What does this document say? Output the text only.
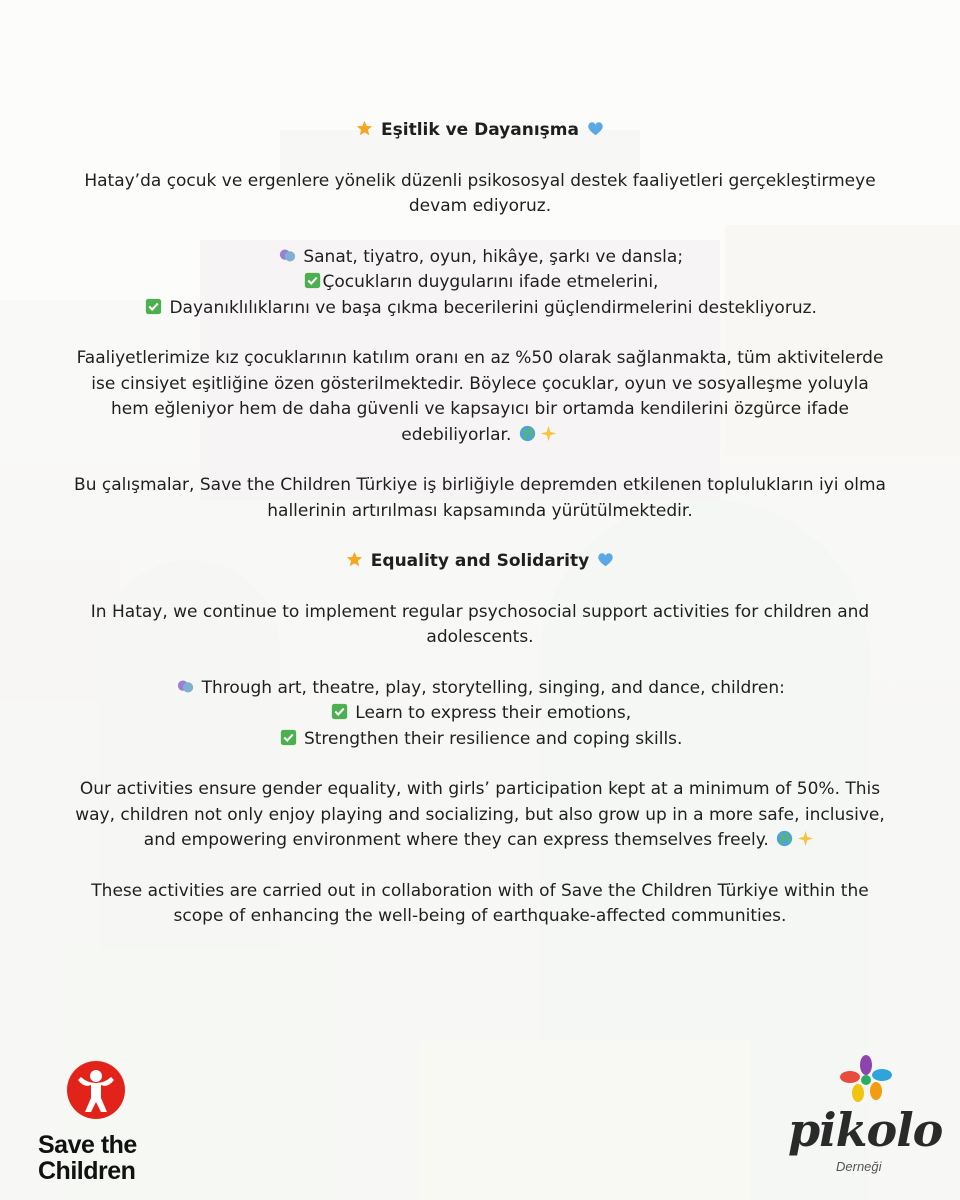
Eşitlik ve Dayanışma

Hatay’da çocuk ve ergenlere yönelik düzenli psikososyal destek faaliyetleri gerçekleştirmeye devam ediyoruz.

Sanat, tiyatro, oyun, hikâye, şarkı ve dansla;

Çocukların duygularını ifade etmelerini,

Dayanıklılıklarını ve başa çıkma becerilerini güçlendirmelerini destekliyoruz.

Faaliyetlerimize kız çocuklarının katılım oranı en az %50 olarak sağlanmakta, tüm aktivitelerde ise cinsiyet eşitliğine özen gösterilmektedir. Böylece çocuklar, oyun ve sosyalleşme yoluyla hem eğleniyor hem de daha güvenli ve kapsayıcı bir ortamda kendilerini özgürce ifade edebiliyorlar.

Bu çalışmalar, Save the Children Türkiye iş birliğiyle depremden etkilenen toplulukların iyi olma hallerinin artırılması kapsamında yürütülmektedir.

Equality and Solidarity

In Hatay, we continue to implement regular psychosocial support activities for children and adolescents.

Through art, theatre, play, storytelling, singing, and dance, children:

Learn to express their emotions,

Strengthen their resilience and coping skills.

Our activities ensure gender equality, with girls’ participation kept at a minimum of 50%. This way, children not only enjoy playing and socializing, but also grow up in a more safe, inclusive, and empowering environment where they can express themselves freely.

These activities are carried out in collaboration with of Save the Children Türkiye within the scope of enhancing the well-being of earthquake-affected communities.

Save the
Children
pikolo
Derneği
